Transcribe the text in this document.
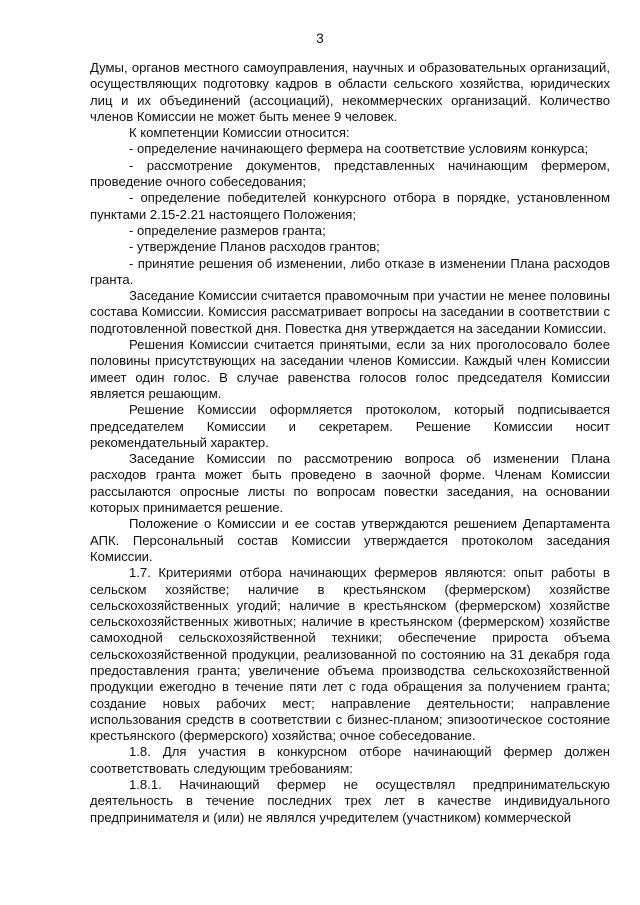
3

Думы, органов местного самоуправления, научных и образовательных организаций, осуществляющих подготовку кадров в области сельского хозяйства, юридических лиц и их объединений (ассоциаций), некоммерческих организаций. Количество членов Комиссии не может быть менее 9 человек.

К компетенции Комиссии относится:

- определение начинающего фермера на соответствие условиям конкурса;

- рассмотрение документов, представленных начинающим фермером, проведение очного собеседования;

- определение победителей конкурсного отбора в порядке, установленном пунктами 2.15-2.21 настоящего Положения;

- определение размеров гранта;

- утверждение Планов расходов грантов;

- принятие решения об изменении, либо отказе в изменении Плана расходов гранта.

Заседание Комиссии считается правомочным при участии не менее половины состава Комиссии. Комиссия рассматривает вопросы на заседании в соответствии с подготовленной повесткой дня. Повестка дня утверждается на заседании Комиссии.

Решения Комиссии считается принятыми, если за них проголосовало более половины присутствующих на заседании членов Комиссии. Каждый член Комиссии имеет один голос. В случае равенства голосов голос председателя Комиссии является решающим.

Решение Комиссии оформляется протоколом, который подписывается председателем Комиссии и секретарем. Решение Комиссии носит рекомендательный характер.

Заседание Комиссии по рассмотрению вопроса об изменении Плана расходов гранта может быть проведено в заочной форме. Членам Комиссии рассылаются опросные листы по вопросам повестки заседания, на основании которых принимается решение.

Положение о Комиссии и ее состав утверждаются решением Департамента АПК. Персональный состав Комиссии утверждается протоколом заседания Комиссии.

1.7. Критериями отбора начинающих фермеров являются: опыт работы в сельском хозяйстве; наличие в крестьянском (фермерском) хозяйстве сельскохозяйственных угодий; наличие в крестьянском (фермерском) хозяйстве сельскохозяйственных животных; наличие в крестьянском (фермерском) хозяйстве самоходной сельскохозяйственной техники; обеспечение прироста объема сельскохозяйственной продукции, реализованной по состоянию на 31 декабря года предоставления гранта; увеличение объема производства сельскохозяйственной продукции ежегодно в течение пяти лет с года обращения за получением гранта; создание новых рабочих мест; направление деятельности; направление использования средств в соответствии с бизнес-планом; эпизоотическое состояние крестьянского (фермерского) хозяйства; очное собеседование.

1.8. Для участия в конкурсном отборе начинающий фермер должен соответствовать следующим требованиям:

1.8.1. Начинающий фермер не осуществлял предпринимательскую деятельность в течение последних трех лет в качестве индивидуального предпринимателя и (или) не являлся учредителем (участником) коммерческой
